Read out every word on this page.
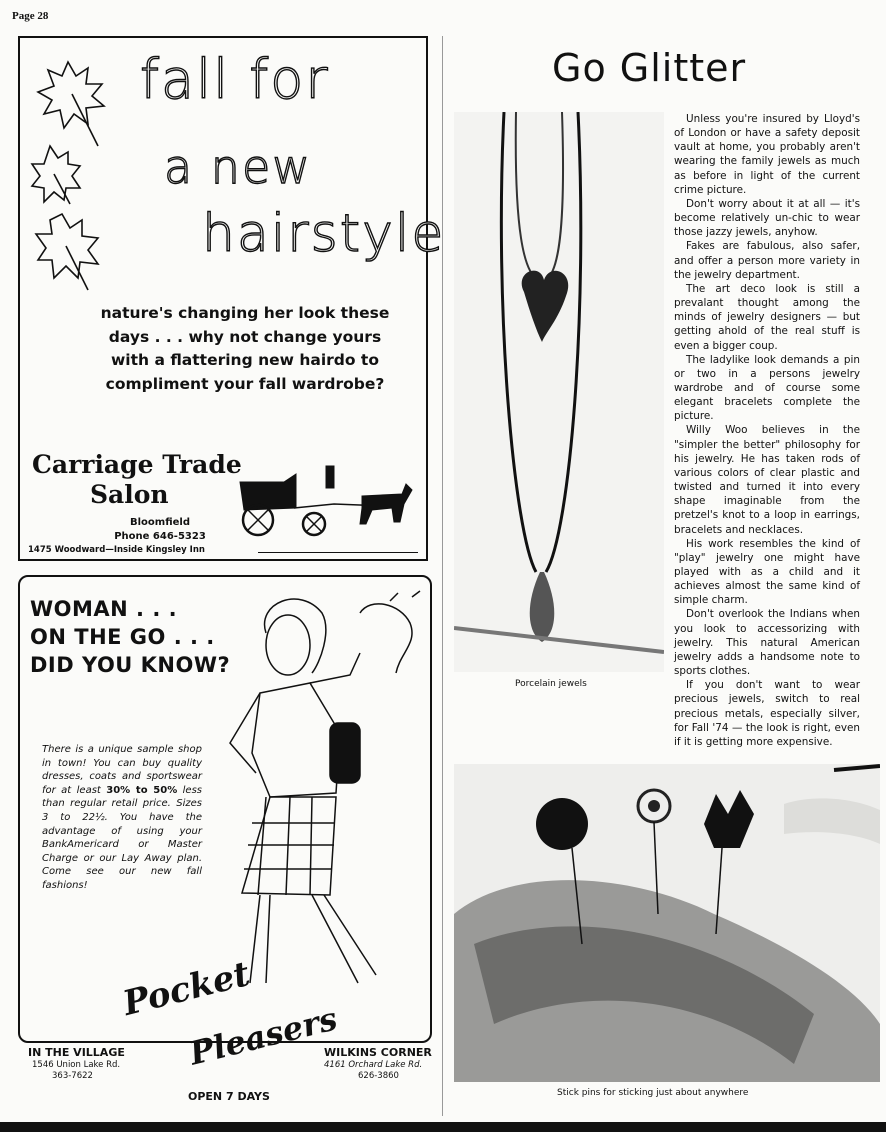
Page 28
fall for
a new
hairstyle
nature's changing her look these
days . . . why not change yours
with a flattering new hairdo to
compliment your fall wardrobe?
Carriage Trade
Salon
Bloomfield
Phone 646-5323
1475 Woodward—Inside Kingsley Inn
WOMAN . . .
ON THE GO . . .
DID YOU KNOW?
There is a unique sample shop in town! You can buy quality dresses, coats and sportswear for at least 30% to 50% less than regular retail price. Sizes 3 to 22½. You have the advantage of using your BankAmericard or Master Charge or our Lay Away plan. Come see our new fall fashions!
Pocket
Pleasers
IN THE VILLAGE
1546 Union Lake Rd.
363-7622
WILKINS CORNER
4161 Orchard Lake Rd.
626-3860
OPEN 7 DAYS
Go Glitter
Porcelain jewels

Unless you're insured by Lloyd's of London or have a safety deposit vault at home, you probably aren't wearing the family jewels as much as before in light of the current crime picture.

Don't worry about it at all — it's become relatively un-chic to wear those jazzy jewels, anyhow.

Fakes are fabulous, also safer, and offer a person more variety in the jewelry department.

The art deco look is still a prevalant thought among the minds of jewelry designers — but getting ahold of the real stuff is even a bigger coup.

The ladylike look demands a pin or two in a persons jewelry wardrobe and of course some elegant bracelets complete the picture.

Willy Woo believes in the "simpler the better" philosophy for his jewelry. He has taken rods of various colors of clear plastic and twisted and turned it into every shape imaginable from the pretzel's knot to a loop in earrings, bracelets and necklaces.

His work resembles the kind of "play" jewelry one might have played with as a child and it achieves almost the same kind of simple charm.

Don't overlook the Indians when you look to accessorizing with jewelry. This natural American jewelry adds a handsome note to sports clothes.

If you don't want to wear precious jewels, switch to real precious metals, especially silver, for Fall '74 — the look is right, even if it is getting more expensive.

Stick pins for sticking just about anywhere
